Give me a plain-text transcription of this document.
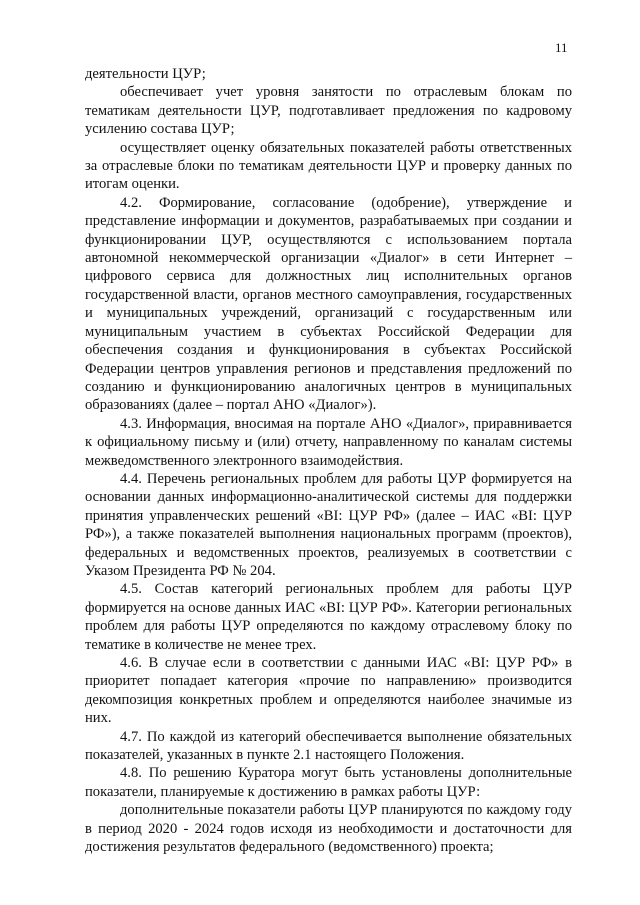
11

деятельности ЦУР;

обеспечивает учет уровня занятости по отраслевым блокам по тематикам деятельности ЦУР, подготавливает предложения по кадровому усилению состава ЦУР;

осуществляет оценку обязательных показателей работы ответственных за отраслевые блоки по тематикам деятельности ЦУР и проверку данных по итогам оценки.

4.2. Формирование, согласование (одобрение), утверждение и представление информации и документов, разрабатываемых при создании и функционировании ЦУР, осуществляются с использованием портала автономной некоммерческой организации «Диалог» в сети Интернет – цифрового сервиса для должностных лиц исполнительных органов государственной власти, органов местного самоуправления, государственных и муниципальных учреждений, организаций с государственным или муниципальным участием в субъектах Российской Федерации для обеспечения создания и функционирования в субъектах Российской Федерации центров управления регионов и представления предложений по созданию и функционированию аналогичных центров в муниципальных образованиях (далее – портал АНО «Диалог»).

4.3. Информация, вносимая на портале АНО «Диалог», приравнивается к официальному письму и (или) отчету, направленному по каналам системы межведомственного электронного взаимодействия.

4.4. Перечень региональных проблем для работы ЦУР формируется на основании данных информационно-аналитической системы для поддержки принятия управленческих решений «BI: ЦУР РФ» (далее – ИАС «BI: ЦУР РФ»), а также показателей выполнения национальных программ (проектов), федеральных и ведомственных проектов, реализуемых в соответствии с Указом Президента РФ № 204.

4.5. Состав категорий региональных проблем для работы ЦУР формируется на основе данных ИАС «BI: ЦУР РФ». Категории региональных проблем для работы ЦУР определяются по каждому отраслевому блоку по тематике в количестве не менее трех.

4.6. В случае если в соответствии с данными ИАС «BI: ЦУР РФ» в приоритет попадает категория «прочие по направлению» производится декомпозиция конкретных проблем и определяются наиболее значимые из них.

4.7. По каждой из категорий обеспечивается выполнение обязательных показателей, указанных в пункте 2.1 настоящего Положения.

4.8. По решению Куратора могут быть установлены дополнительные показатели, планируемые к достижению в рамках работы ЦУР:

дополнительные показатели работы ЦУР планируются по каждому году в период 2020 - 2024 годов исходя из необходимости и достаточности для достижения результатов федерального (ведомственного) проекта;
